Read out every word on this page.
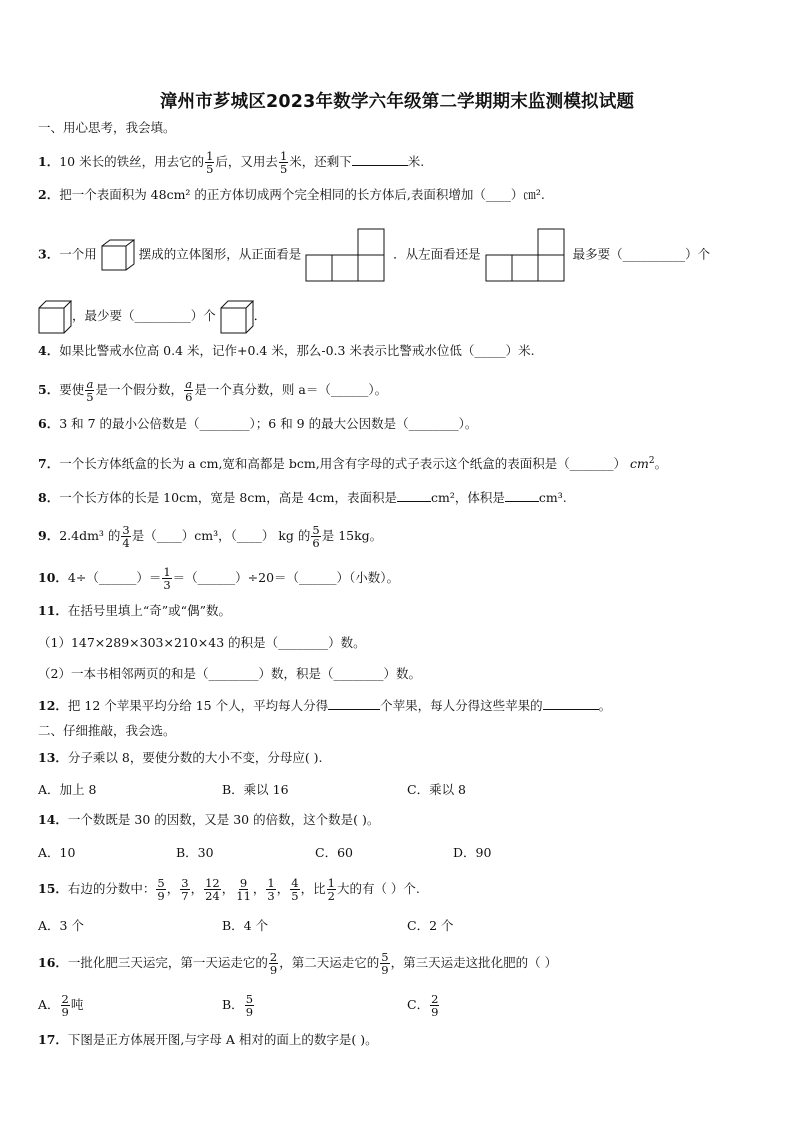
漳州市芗城区2023年数学六年级第二学期期末监测模拟试题
一、用心思考，我会填。
1．10 米长的铁丝，用去它的 $\frac{1}{5}$ 后，又用去 $\frac{1}{5}$ 米，还剩下	米.
2．把一个表面积为 48cm² 的正方体切成两个完全相同的长方体后,表面积增加（____）㎝².
3．一个用	摆成的立体图形，从正面看是	．从左面看还是	最多要（__________）个
，最少要（_________）个	．
4．如果比警戒水位高 0.4 米，记作+0.4 米，那么-0.3 米表示比警戒水位低（_____）米.
5．要使 $\frac{a}{5}$ 是一个假分数， $\frac{a}{6}$ 是一个真分数，则 a＝（______）。
6．3 和 7 的最小公倍数是（________）；6 和 9 的最大公因数是（________）。
7．一个长方体纸盒的长为 a cm,宽和高都是 bcm,用含有字母的式子表示这个纸盒的表面积是（_______） $cm^2$。
8．一个长方体的长是 10cm，宽是 8cm，高是 4cm，表面积是	cm²，体积是	cm³.
9．2.4dm³ 的 $\frac{3}{4}$ 是（____）cm³，（____） kg 的 $\frac{5}{6}$ 是 15kg。
10．4÷（______）＝ $\frac{1}{3}$ ＝（______）÷20＝（______）（小数）。
11．在括号里填上“奇”或“偶”数。
（1）147×289×303×210×43 的积是（________）数。
（2）一本书相邻两页的和是（________）数，积是（________）数。
12．把 12 个苹果平均分给 15 个人，平均每人分得	个苹果，每人分得这些苹果的	。
二、仔细推敲，我会选。
13．分子乘以 8，要使分数的大小不变，分母应( ).
A．加上 8	B．乘以 16	C．乘以 8
14．一个数既是 30 的因数，又是 30 的倍数，这个数是( )。
A．10	B．30	C．60	D．90
15．右边的分数中： $\frac{5}{9}$ ， $\frac{3}{7}$ ， $\frac{12}{24}$ ， $\frac{9}{11}$ ， $\frac{1}{3}$ ， $\frac{4}{5}$ ，比 $\frac{1}{2}$ 大的有（ ）个.
A．3 个	B．4 个	C．2 个
16．一批化肥三天运完，第一天运走它的 $\frac{2}{9}$ ，第二天运走它的 $\frac{5}{9}$ ，第三天运走这批化肥的（ ）
A． $\frac{2}{9}$ 吨	B． $\frac{5}{9}$	C． $\frac{2}{9}$
17．下图是正方体展开图,与字母 A 相对的面上的数字是( )。
